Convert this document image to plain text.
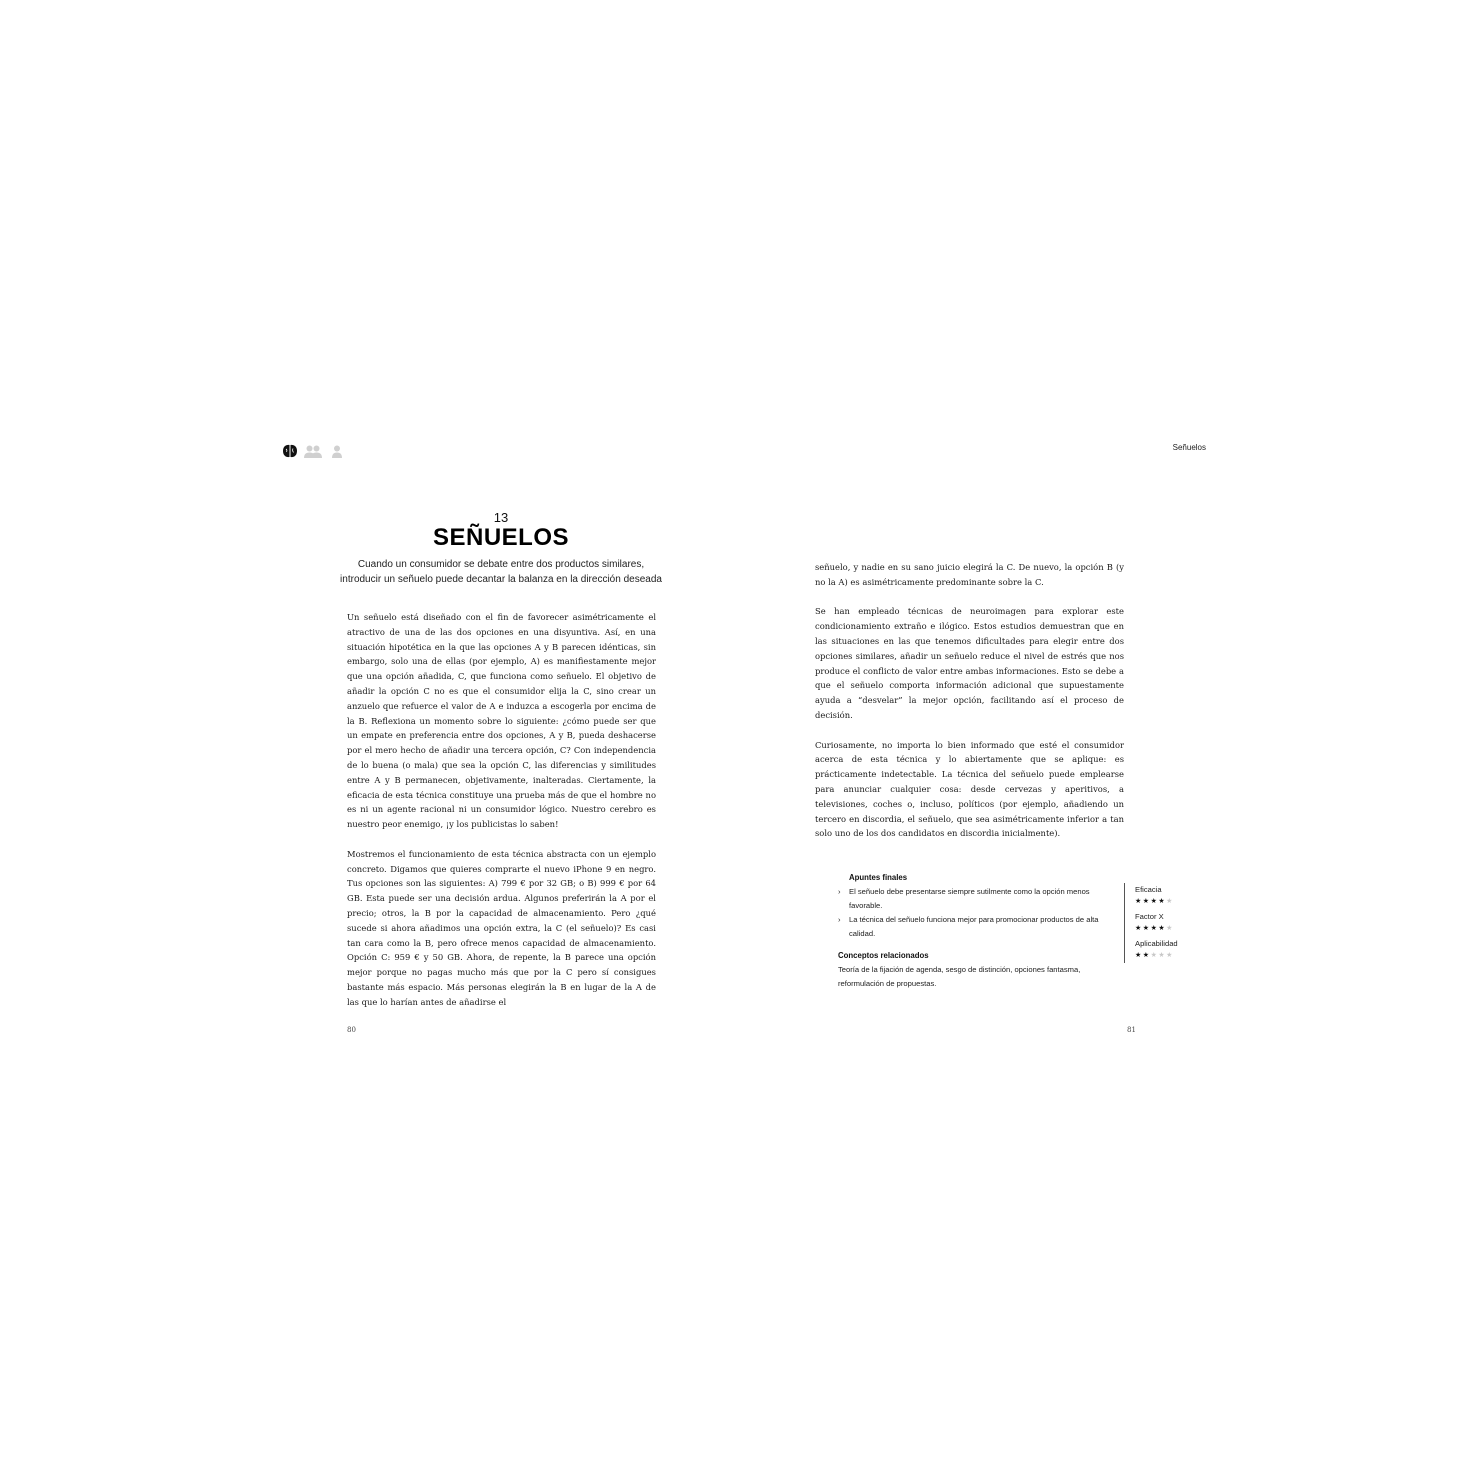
Señuelos
13
SEÑUELOS
Cuando un consumidor se debate entre dos productos similares,
introducir un señuelo puede decantar la balanza en la dirección deseada

Un señuelo está diseñado con el fin de favorecer asimétricamente el atractivo de una de las dos opciones en una disyuntiva. Así, en una situación hipotética en la que las opciones A y B parecen idénticas, sin embargo, solo una de ellas (por ejemplo, A) es manifiestamente mejor que una opción añadida, C, que funciona como señuelo. El objetivo de añadir la opción C no es que el consumidor elija la C, sino crear un anzuelo que refuerce el valor de A e induzca a escogerla por encima de la B. Reflexiona un momento sobre lo siguiente: ¿cómo puede ser que un empate en preferencia entre dos opciones, A y B, pueda deshacerse por el mero hecho de añadir una tercera opción, C? Con independencia de lo buena (o mala) que sea la opción C, las diferencias y similitudes entre A y B permanecen, objetivamente, inalteradas. Ciertamente, la eficacia de esta técnica constituye una prueba más de que el hombre no es ni un agente racional ni un consumidor lógico. Nuestro cerebro es nuestro peor enemigo, ¡y los publicistas lo saben!

Mostremos el funcionamiento de esta técnica abstracta con un ejemplo concreto. Digamos que quieres comprarte el nuevo iPhone 9 en negro. Tus opciones son las siguientes: A) 799 € por 32 GB; o B) 999 € por 64 GB. Esta puede ser una decisión ardua. Algunos preferirán la A por el precio; otros, la B por la capacidad de almacenamiento. Pero ¿qué sucede si ahora añadimos una opción extra, la C (el señuelo)? Es casi tan cara como la B, pero ofrece menos capacidad de almacenamiento. Opción C: 959 € y 50 GB. Ahora, de repente, la B parece una opción mejor porque no pagas mucho más que por la C pero sí consigues bastante más espacio. Más personas elegirán la B en lugar de la A de las que lo harían antes de añadirse el

80

señuelo, y nadie en su sano juicio elegirá la C. De nuevo, la opción B (y no la A) es asimétricamente predominante sobre la C.

Se han empleado técnicas de neuroimagen para explorar este condicionamiento extraño e ilógico. Estos estudios demuestran que en las situaciones en las que tenemos dificultades para elegir entre dos opciones similares, añadir un señuelo reduce el nivel de estrés que nos produce el conflicto de valor entre ambas informaciones. Esto se debe a que el señuelo comporta información adicional que supuestamente ayuda a “desvelar” la mejor opción, facilitando así el proceso de decisión.

Curiosamente, no importa lo bien informado que esté el consumidor acerca de esta técnica y lo abiertamente que se aplique: es prácticamente indetectable. La técnica del señuelo puede emplearse para anunciar cualquier cosa: desde cervezas y aperitivos, a televisiones, coches o, incluso, políticos (por ejemplo, añadiendo un tercero en discordia, el señuelo, que sea asimétricamente inferior a tan solo uno de los dos candidatos en discordia inicialmente).

Apuntes finales
› El señuelo debe presentarse siempre sutilmente como la opción menos favorable.
› La técnica del señuelo funciona mejor para promocionar productos de alta calidad.
Conceptos relacionados
Teoría de la fijación de agenda, sesgo de distinción, opciones fantasma, reformulación de propuestas.
Eficacia
★★★★★
Factor X
★★★★★
Aplicabilidad
★★★★★
81
